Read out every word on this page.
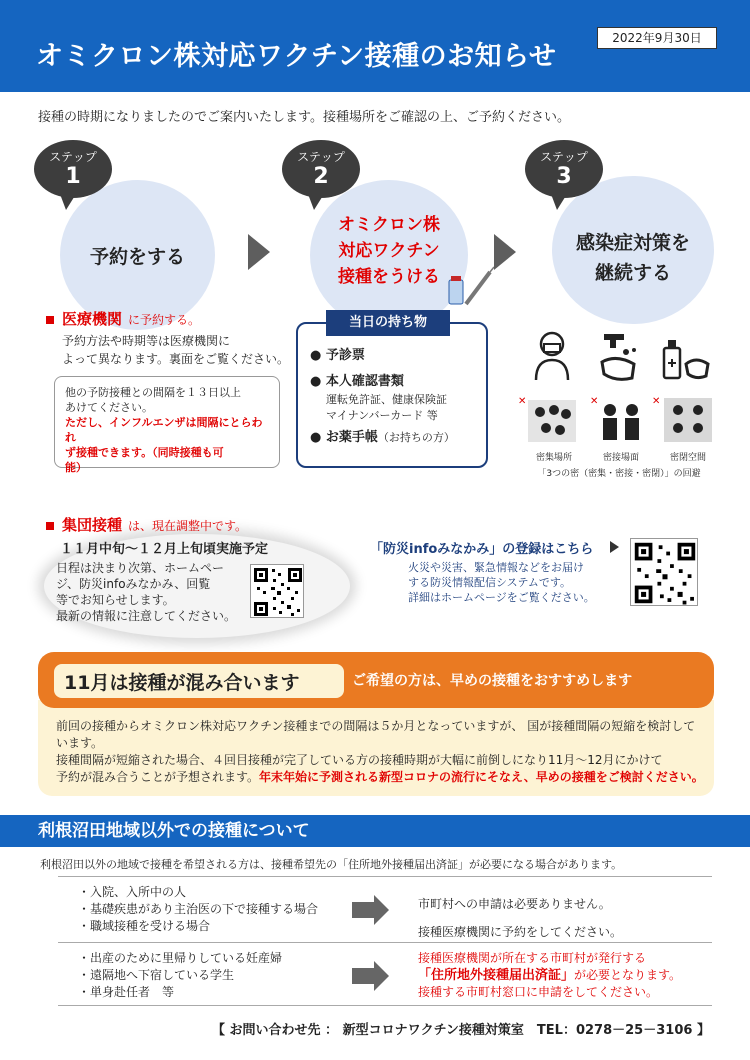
オミクロン株対応ワクチン接種のお知らせ
2022年9月30日
接種の時期になりましたのでご案内いたします。接種場所をご確認の上、ご予約ください。
ステップ
1
予約をする
ステップ
2
オミクロン株
対応ワクチン
接種をうける
ステップ
3
感染症対策を
継続する
医療機関 に予約する。
予約方法や時期等は医療機関に
よって異なります。裏面をご覧ください。
他の予防接種との間隔を１３日以上
あけてください。
ただし、インフルエンザは間隔にとらわれ
ず接種できます。（同時接種も可
能）
当日の持ち物
● 予診票
● 本人確認書類
運転免許証、健康保険証
マイナンバーカード 等
● お薬手帳（お持ちの方）
✕	✕	✕
密集場所	密接場面	密閉空間
「3つの密（密集・密接・密閉）」の回避
集団接種 は、現在調整中です。
１１月中旬～１２月上旬頃実施予定
日程は決まり次第、ホームペー
ジ、防災infoみなかみ、回覧
等でお知らせします。
最新の情報に注意してください。
「防災infoみなかみ」の登録はこちら
火災や災害、緊急情報などをお届け
する防災情報配信システムです。
詳細はホームページをご覧ください。
前回の接種からオミクロン株対応ワクチン接種までの間隔は５か月となっていますが、 国が接種間隔の短縮を検討して
います。
接種間隔が短縮された場合、４回目接種が完了している方の接種時期が大幅に前倒しになり11月～12月にかけて
予約が混み合うことが予想されます。年末年始に予測される新型コロナの流行にそなえ、早めの接種をご検討ください。
11月は接種が混み合います	ご希望の方は、早めの接種をおすすめします
利根沼田地域以外での接種について
利根沼田以外の地域で接種を希望される方は、接種希望先の「住所地外接種届出済証」が必要になる場合があります。
・入院、入所中の人
・基礎疾患があり主治医の下で接種する場合
・職域接種を受ける場合
市町村への申請は必要ありません。
接種医療機関に予約をしてください。
・出産のために里帰りしている妊産婦
・遠隔地へ下宿している学生
・単身赴任者　等
接種医療機関が所在する市町村が発行する
「住所地外接種届出済証」が必要となります。
接種する市町村窓口に申請をしてください。
【 お問い合わせ先 ： 新型コロナワクチン接種対策室　TEL：0278－25－3106 】
